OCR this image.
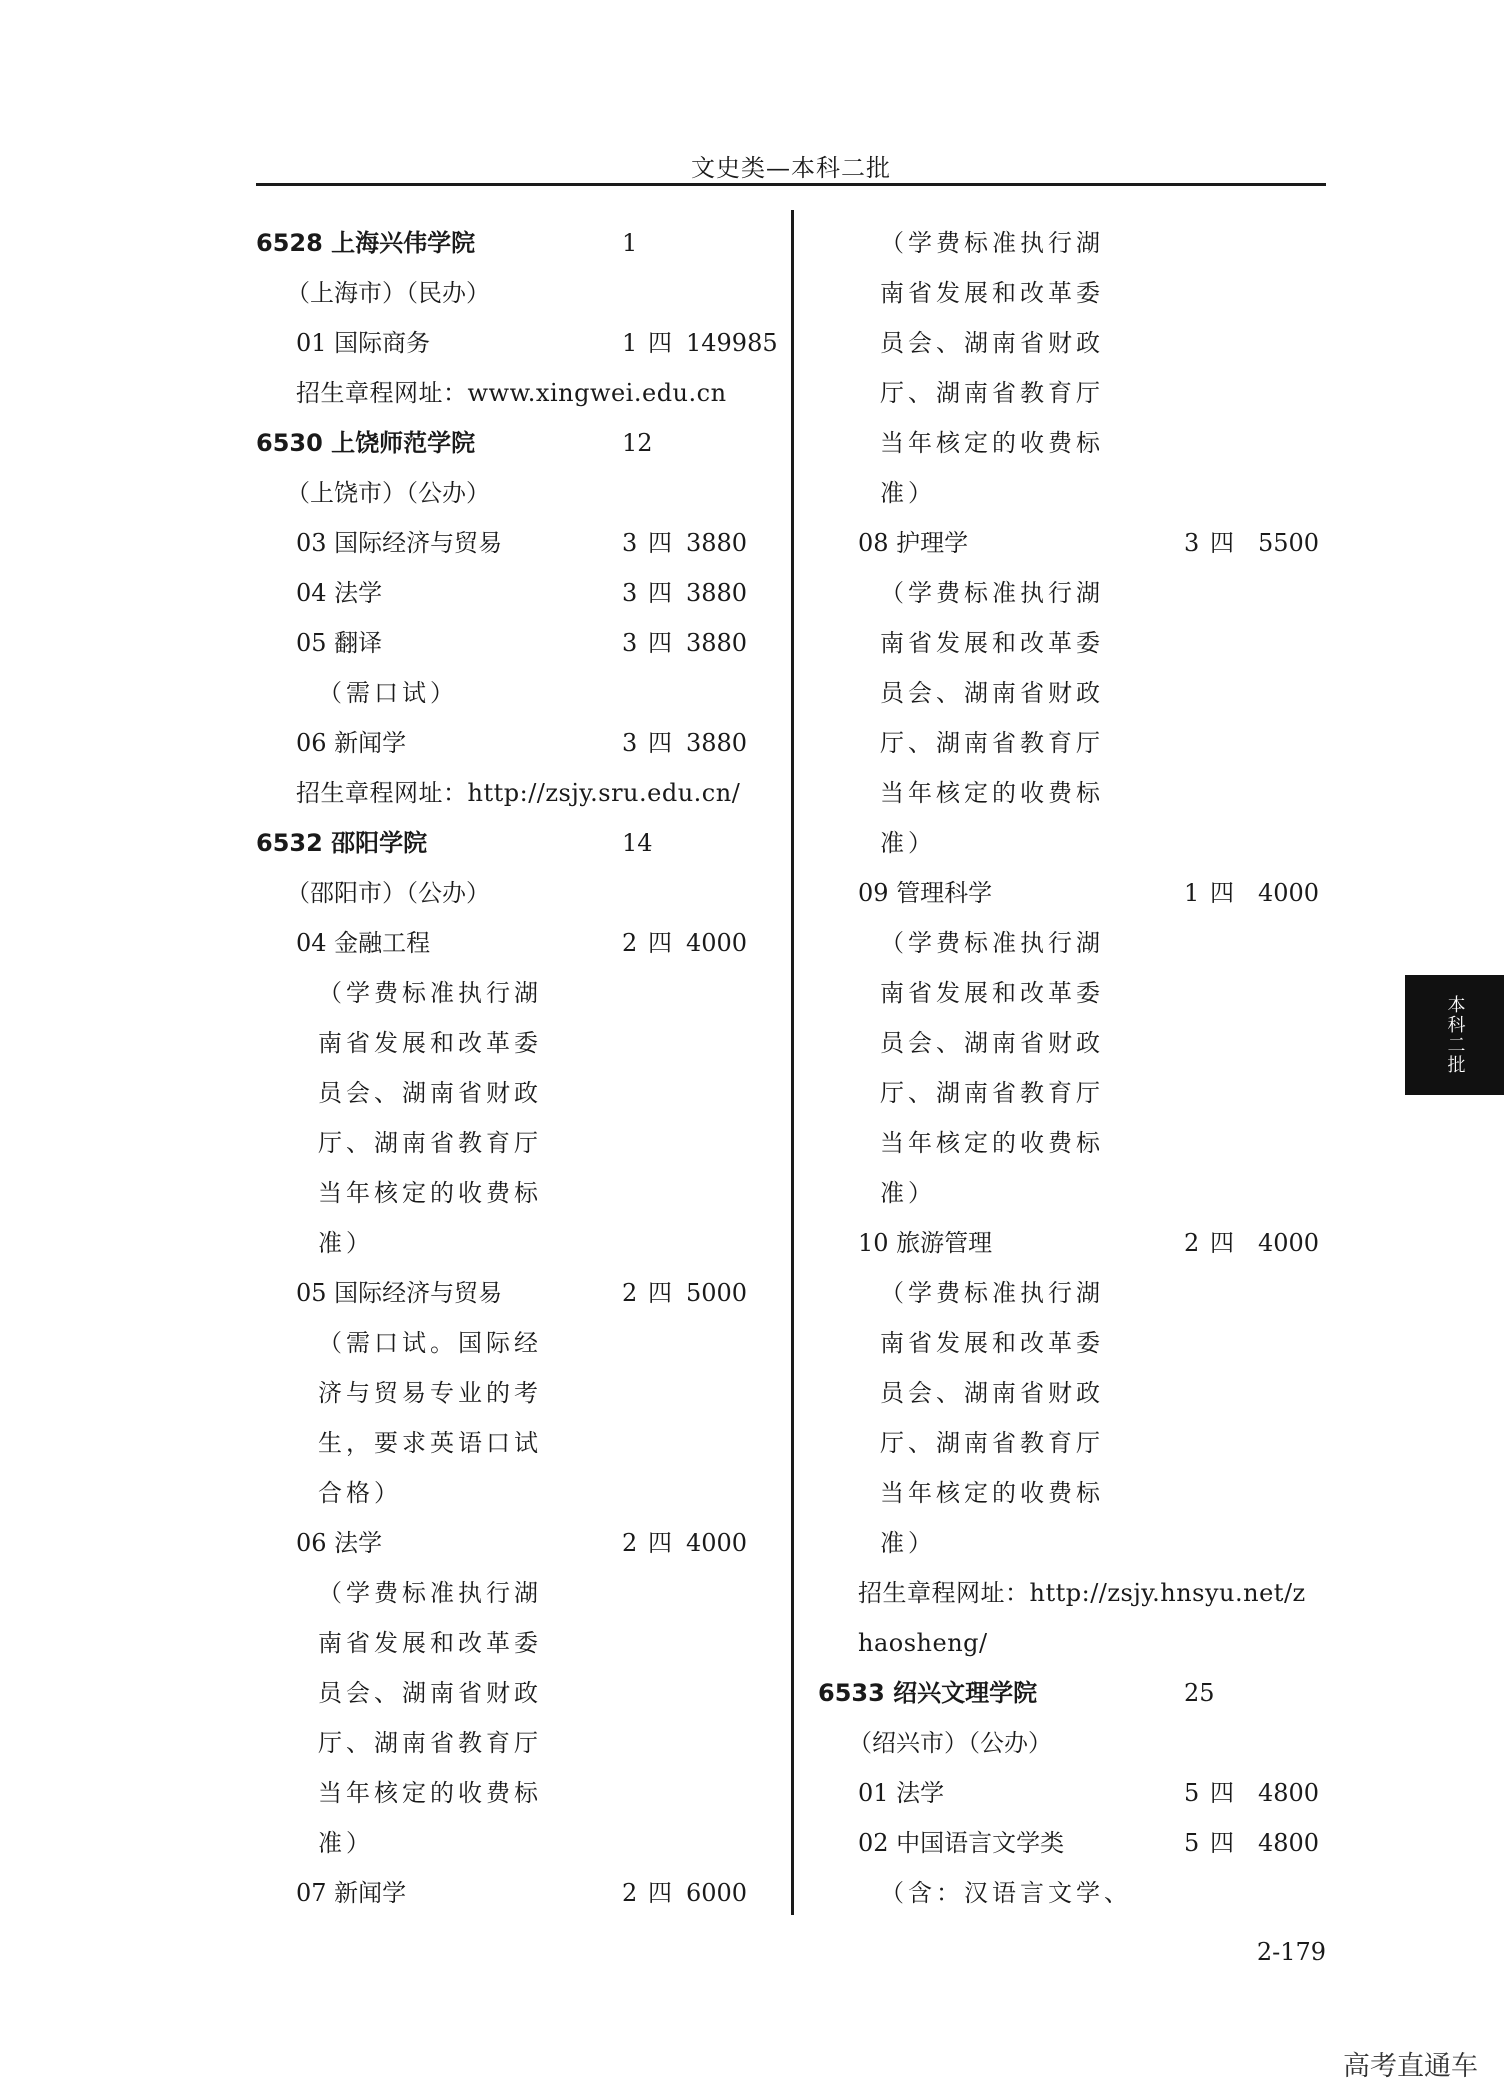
文史类—本科二批
6528 上海兴伟学院	1
（上海市）（民办）
01 国际商务	1 四 149985
招生章程网址：www.xingwei.edu.cn
6530 上饶师范学院	12
（上饶市）（公办）
03 国际经济与贸易	3 四 3880
04 法学	3 四 3880
05 翻译	3 四 3880
（需口试）
06 新闻学	3 四 3880
招生章程网址：http://zsjy.sru.edu.cn/
6532 邵阳学院	14
（邵阳市）（公办）
04 金融工程	2 四 4000
（学费标准执行湖
南省发展和改革委
员会、湖南省财政
厅、湖南省教育厅
当年核定的收费标
准）
05 国际经济与贸易	2 四 5000
（需口试。国际经
济与贸易专业的考
生，要求英语口试
合格）
06 法学	2 四 4000
（学费标准执行湖
南省发展和改革委
员会、湖南省财政
厅、湖南省教育厅
当年核定的收费标
准）
07 新闻学	2 四 6000
（学费标准执行湖
南省发展和改革委
员会、湖南省财政
厅、湖南省教育厅
当年核定的收费标
准）
08 护理学	3 四 5500
（学费标准执行湖
南省发展和改革委
员会、湖南省财政
厅、湖南省教育厅
当年核定的收费标
准）
09 管理科学	1 四 4000
（学费标准执行湖
南省发展和改革委
员会、湖南省财政
厅、湖南省教育厅
当年核定的收费标
准）
10 旅游管理	2 四 4000
（学费标准执行湖
南省发展和改革委
员会、湖南省财政
厅、湖南省教育厅
当年核定的收费标
准）
招生章程网址：http://zsjy.hnsyu.net/z
haosheng/
6533 绍兴文理学院	25
（绍兴市）（公办）
01 法学	5 四 4800
02 中国语言文学类	5 四 4800
（含：汉语言文学、
本科二批
2-179
高考直通车
